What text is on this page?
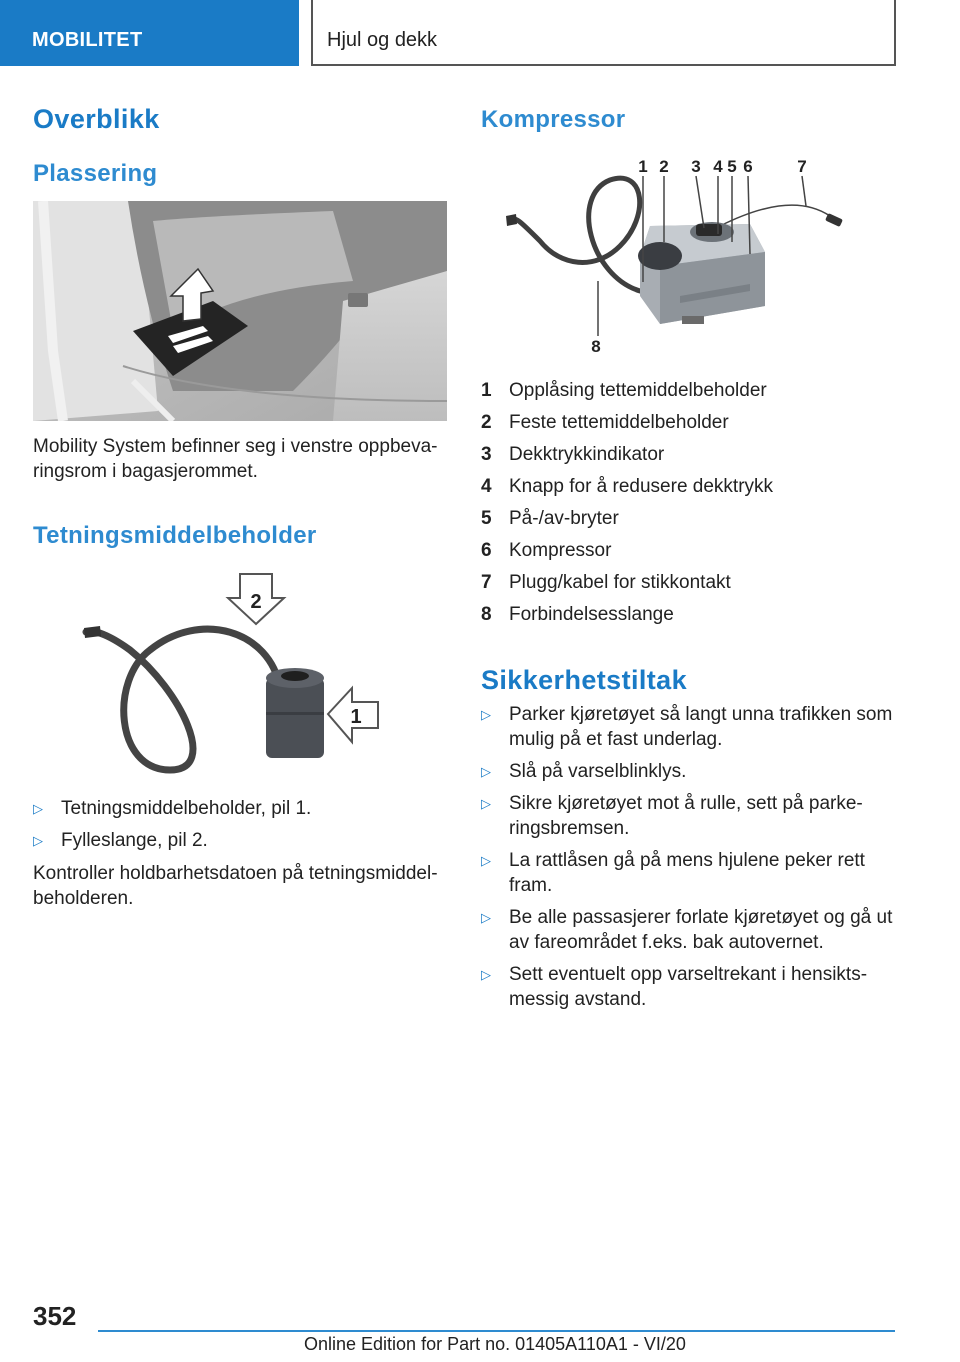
MOBILITET	Hjul og dekk
Overblikk
Plassering
Mobility System befinner seg i venstre oppbeva-
ringsrom i bagasjerommet.
Tetningsmiddelbeholder
2
1
▷ Tetningsmiddelbeholder, pil 1.
▷ Fylleslange, pil 2.
Kontroller holdbarhetsdatoen på tetningsmiddel-
beholderen.
Kompressor
1 2 3 4 5 6	7
8
1 Opplåsing tettemiddelbeholder
2 Feste tettemiddelbeholder
3 Dekktrykkindikator
4 Knapp for å redusere dekktrykk
5 På-/av-bryter
6 Kompressor
7 Plugg/kabel for stikkontakt
8 Forbindelsesslange
Sikkerhetstiltak
▷ Parker kjøretøyet så langt unna trafikken som
mulig på et fast underlag.
▷ Slå på varselblinklys.
▷ Sikre kjøretøyet mot å rulle, sett på parke-
ringsbremsen.
▷ La rattlåsen gå på mens hjulene peker rett
fram.
▷ Be alle passasjerer forlate kjøretøyet og gå ut
av fareområdet f.eks. bak autovernet.
▷ Sett eventuelt opp varseltrekant i hensikts-
messig avstand.
352
Online Edition for Part no. 01405A110A1 - VI/20
